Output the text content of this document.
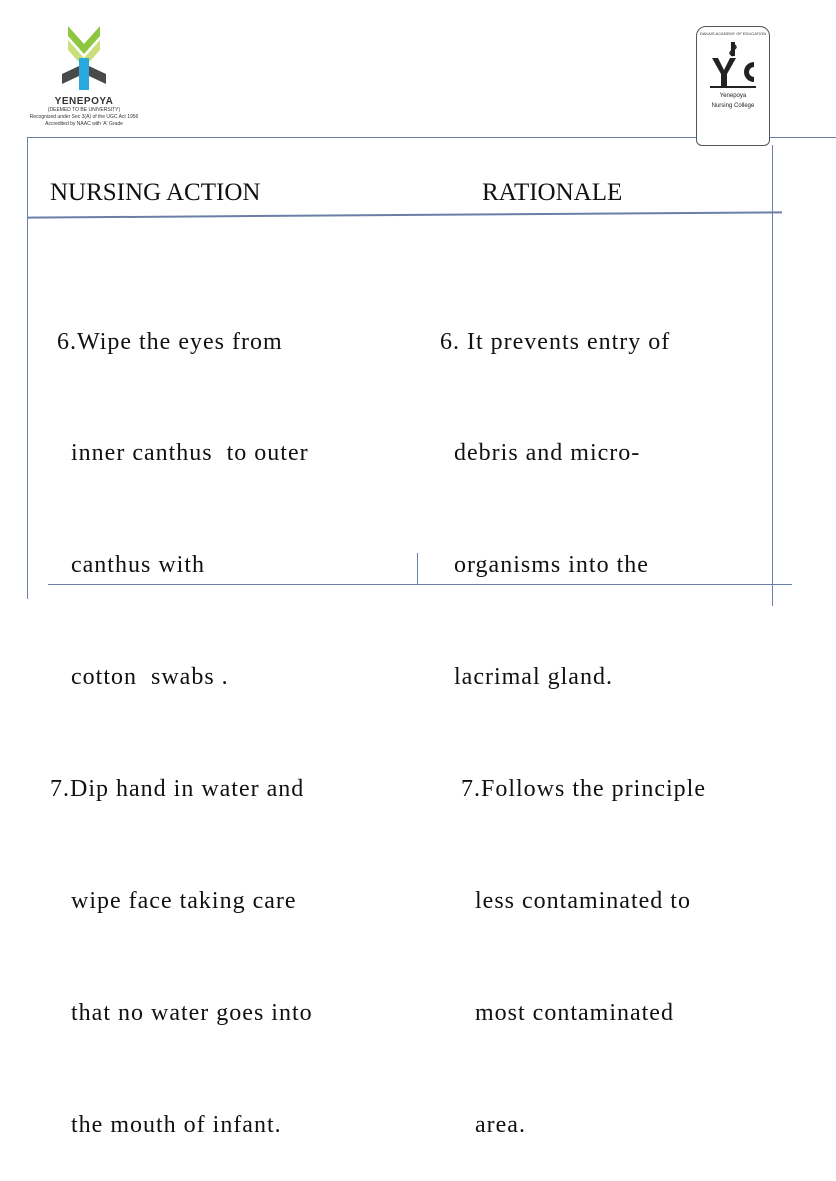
YENEPOYA
(DEEMED TO BE UNIVERSITY)
Recognized under Sec 3(A) of the UGC Act 1956
Accredited by NAAC with 'A' Grade
DAKAIS ACADEMY OF EDUCATION
Yenepoya
Nursing College
NURSING ACTION	RATIONALE

6.Wipe the eyes from

inner canthus  to outer

canthus with

cotton  swabs .

7.Dip hand in water and

wipe face taking care

that no water goes into

the mouth of infant.

6. It prevents entry of

debris and micro-

organisms into the

lacrimal gland.

7.Follows the principle

less contaminated to

most contaminated

area.
